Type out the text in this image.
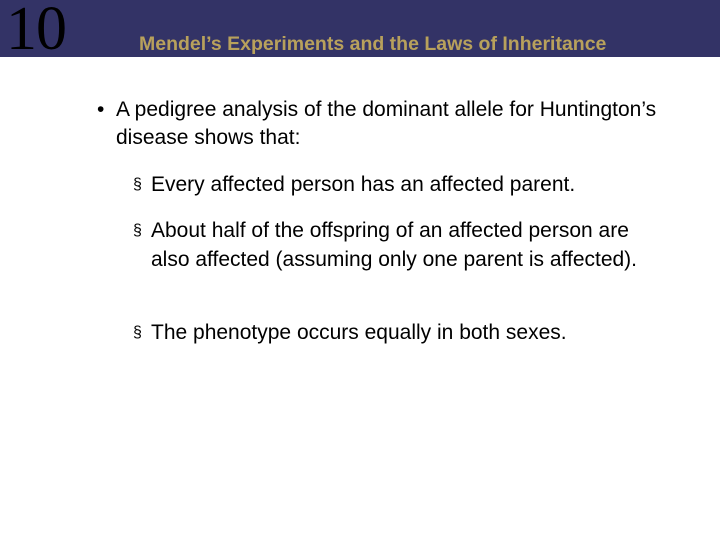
10	Mendel’s Experiments and the Laws of Inheritance
• A pedigree analysis of the dominant allele for Huntington’s disease shows that:
§ Every affected person has an affected parent.
§ About half of the offspring of an affected person are also affected (assuming only one parent is affected).
§ The phenotype occurs equally in both sexes.
